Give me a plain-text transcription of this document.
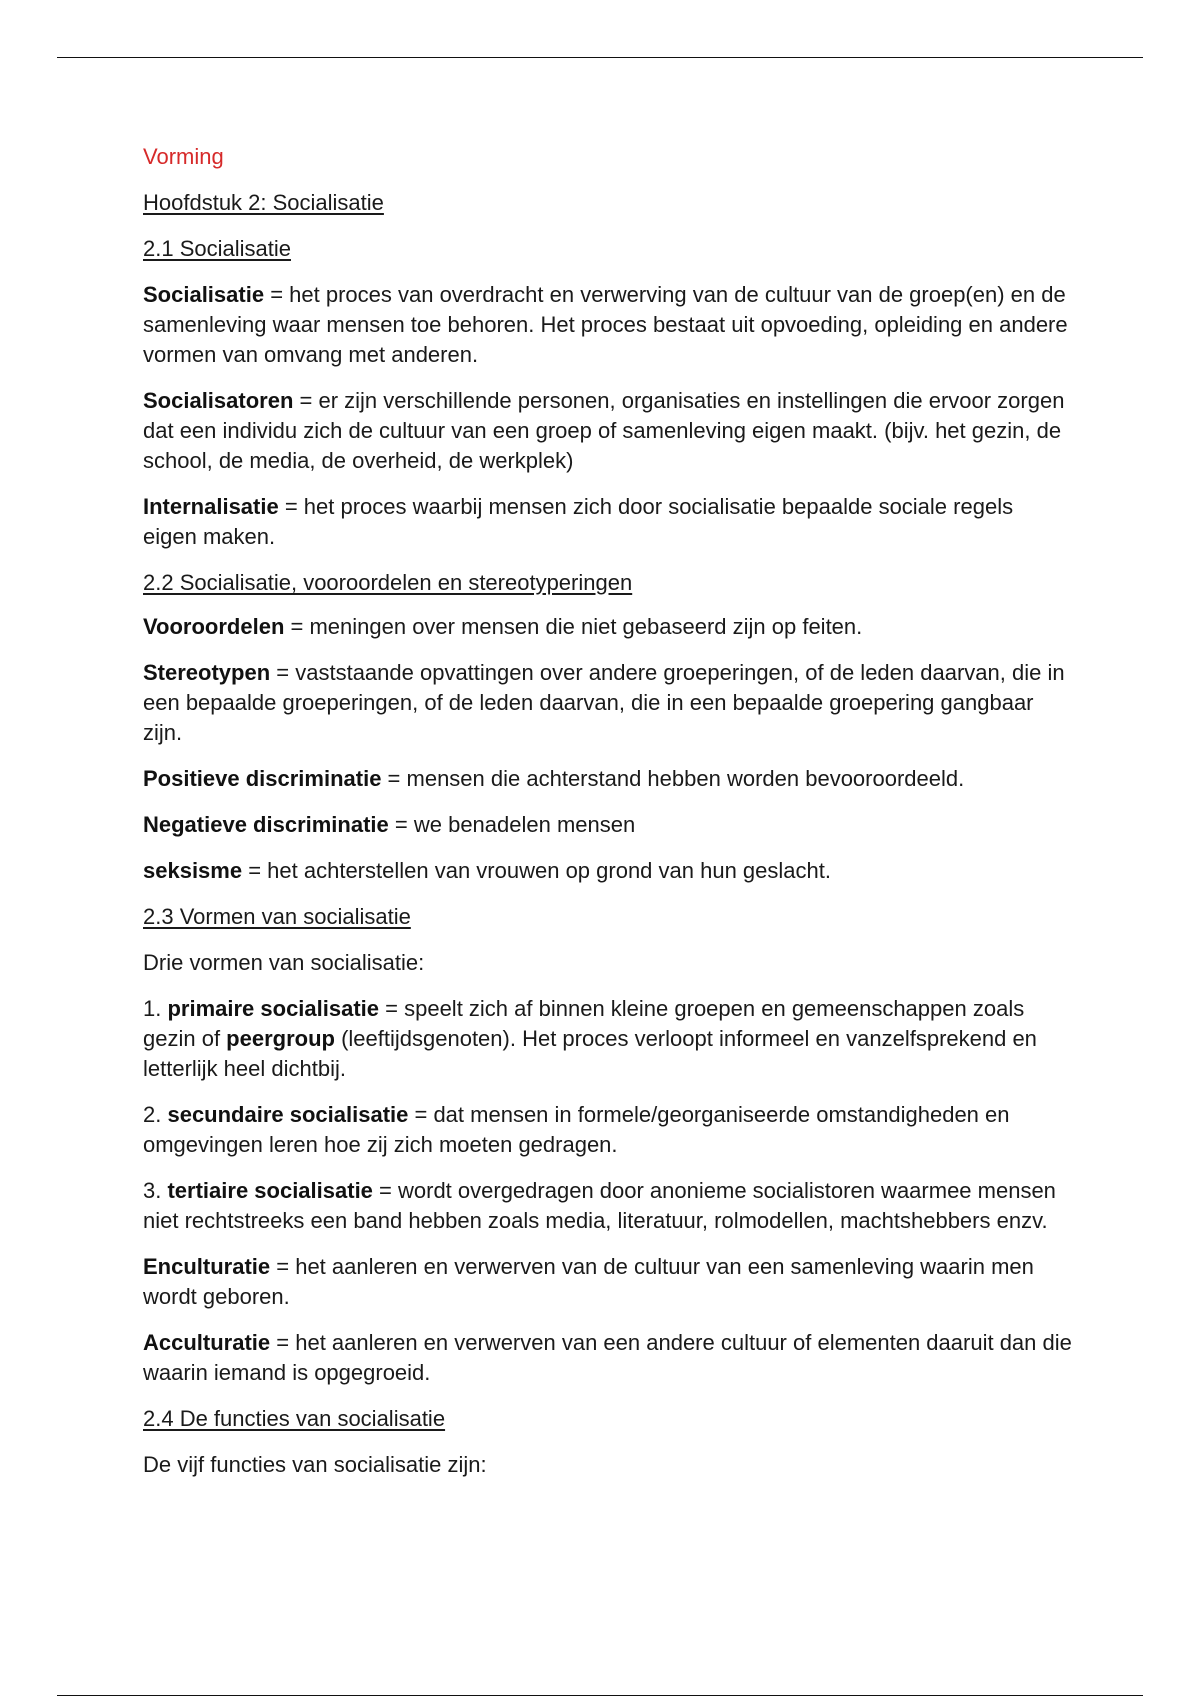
Vorming

Hoofdstuk 2: Socialisatie

2.1 Socialisatie

Socialisatie = het proces van overdracht en verwerving van de cultuur van de groep(en) en de samenleving waar mensen toe behoren. Het proces bestaat uit opvoeding, opleiding en andere vormen van omvang met anderen.

Socialisatoren = er zijn verschillende personen, organisaties en instellingen die ervoor zorgen dat een individu zich de cultuur van een groep of samenleving eigen maakt. (bijv. het gezin, de school, de media, de overheid, de werkplek)

Internalisatie = het proces waarbij mensen zich door socialisatie bepaalde sociale regels eigen maken.

2.2 Socialisatie, vooroordelen en stereotyperingen

Vooroordelen = meningen over mensen die niet gebaseerd zijn op feiten.

Stereotypen = vaststaande opvattingen over andere groeperingen, of de leden daarvan, die in een bepaalde groeperingen, of de leden daarvan, die in een bepaalde groepering gangbaar zijn.

Positieve discriminatie = mensen die achterstand hebben worden bevooroordeeld.

Negatieve discriminatie = we benadelen mensen

seksisme = het achterstellen van vrouwen op grond van hun geslacht.

2.3 Vormen van socialisatie

Drie vormen van socialisatie:

1. primaire socialisatie = speelt zich af binnen kleine groepen en gemeenschappen zoals gezin of peergroup (leeftijdsgenoten). Het proces verloopt informeel en vanzelfsprekend en letterlijk heel dichtbij.

2. secundaire socialisatie = dat mensen in formele/georganiseerde omstandigheden en omgevingen leren hoe zij zich moeten gedragen.

3. tertiaire socialisatie = wordt overgedragen door anonieme socialistoren waarmee mensen niet rechtstreeks een band hebben zoals media, literatuur, rolmodellen, machtshebbers enzv.

Enculturatie = het aanleren en verwerven van de cultuur van een samenleving waarin men wordt geboren.

Acculturatie = het aanleren en verwerven van een andere cultuur of elementen daaruit dan die waarin iemand is opgegroeid.

2.4 De functies van socialisatie

De vijf functies van socialisatie zijn:
